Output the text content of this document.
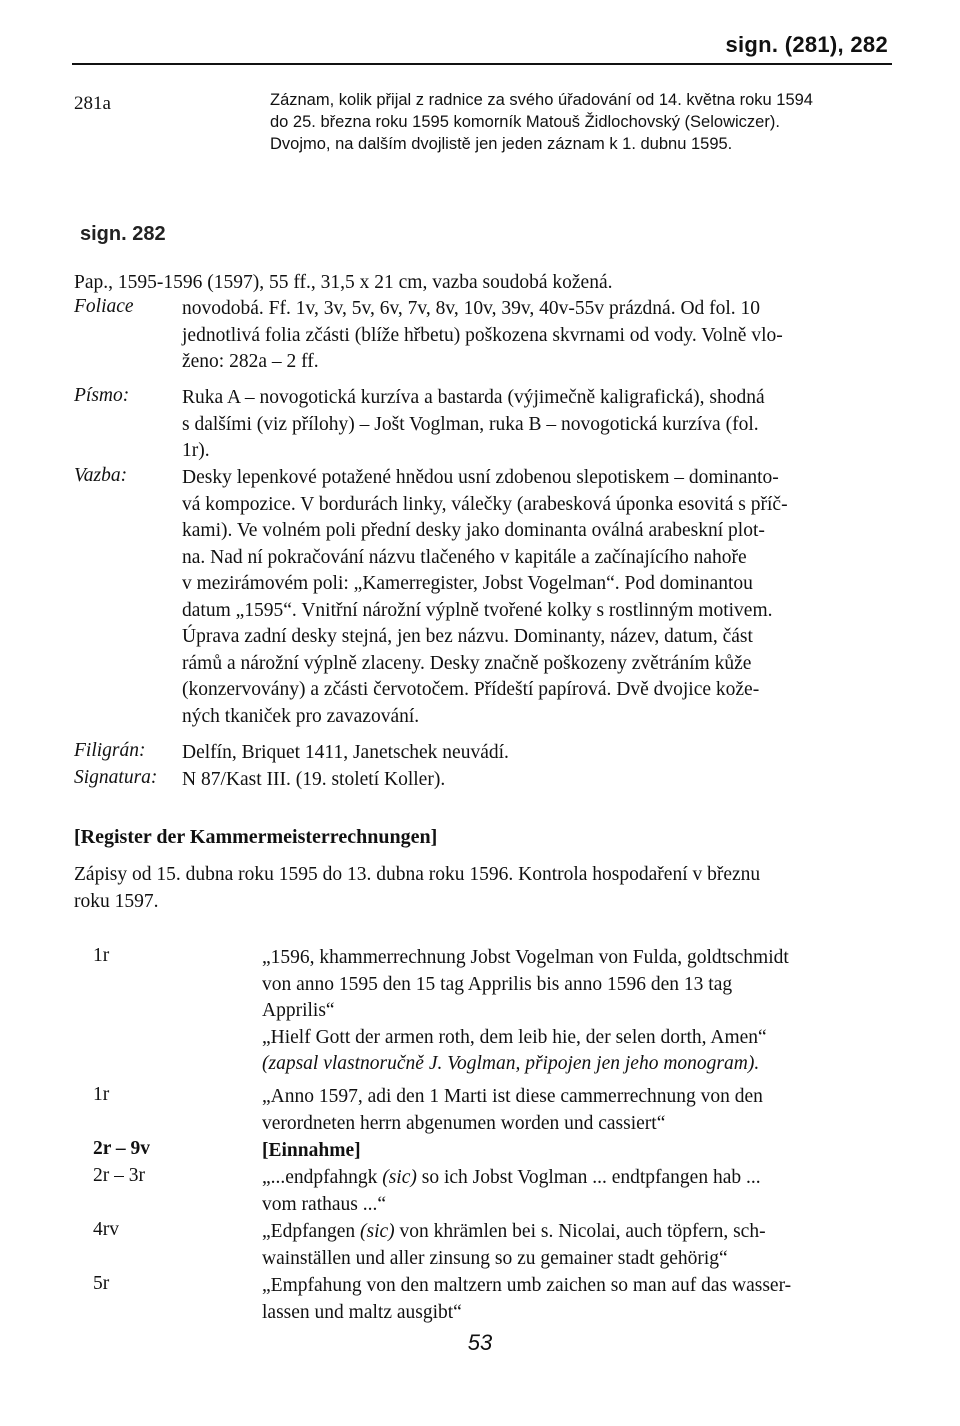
sign. (281), 282
281a	Záznam, kolik přijal z radnice za svého úřadování od 14. května roku 1594
do 25. března roku 1595 komorník Matouš Židlochovský (Selowiczer).
Dvojmo, na dalším dvojlistě jen jeden záznam k 1. dubnu 1595.
sign. 282
Pap., 1595-1596 (1597), 55 ff., 31,5 x 21 cm, vazba soudobá kožená.
Foliace novodobá. Ff. 1v, 3v, 5v, 6v, 7v, 8v, 10v, 39v, 40v-55v prázdná. Od fol. 10
jednotlivá folia zčásti (blíže hřbetu) poškozena skvrnami od vody. Volně vlo-
ženo: 282a – 2 ff.
Písmo:	Ruka A – novogotická kurzíva a bastarda (výjimečně kaligrafická), shodná
s dalšími (viz přílohy) – Jošt Voglman, ruka B – novogotická kurzíva (fol.
1r).
Vazba:	Desky lepenkové potažené hnědou usní zdobenou slepotiskem – dominanto-
vá kompozice. V bordurách linky, válečky (arabesková úponka esovitá s příč-
kami). Ve volném poli přední desky jako dominanta oválná arabeskní plot-
na. Nad ní pokračování názvu tlačeného v kapitále a začínajícího nahoře
v mezirámovém poli: „Kamerregister, Jobst Vogelman“. Pod dominantou
datum „1595“. Vnitřní nárožní výplně tvořené kolky s rostlinným motivem.
Úprava zadní desky stejná, jen bez názvu. Dominanty, název, datum, část
rámů a nárožní výplně zlaceny. Desky značně poškozeny zvětráním kůže
(konzervovány) a zčásti červotočem. Přídeští papírová. Dvě dvojice kože-
ných tkaniček pro zavazování.
Filigrán: Delfín, Briquet 1411, Janetschek neuvádí.
Signatura: N 87/Kast III. (19. století Koller).
[Register der Kammermeisterrechnungen]
Zápisy od 15. dubna roku 1595 do 13. dubna roku 1596. Kontrola hospodaření v březnu
roku 1597.
1r	„1596, khammerrechnung Jobst Vogelman von Fulda, goldtschmidt
von anno 1595 den 15 tag Apprilis bis anno 1596 den 13 tag
Apprilis“
„Hielf Gott der armen roth, dem leib hie, der selen dorth, Amen“
(zapsal vlastnoručně J. Voglman, připojen jen jeho monogram).
1r	„Anno 1597, adi den 1 Marti ist diese cammerrechnung von den
verordneten herrn abgenumen worden und cassiert“
2r – 9v	[Einnahme]
2r – 3r	„...endpfahngk (sic) so ich Jobst Voglman ... endtpfangen hab ...
vom rathaus ...“
4rv	„Edpfangen (sic) von khrämlen bei s. Nicolai, auch töpfern, sch-
wainställen und aller zinsung so zu gemainer stadt gehörig“
5r	„Empfahung von den maltzern umb zaichen so man auf das wasser-
lassen und maltz ausgibt“
53
